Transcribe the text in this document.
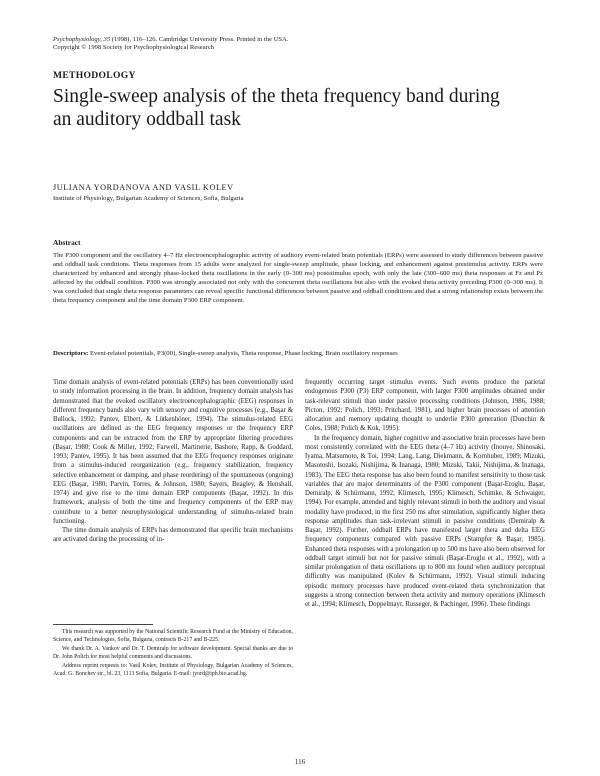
Psychophysiology, 35 (1998), 116–126. Cambridge University Press. Printed in the USA.
Copyright © 1998 Society for Psychophysiological Research
METHODOLOGY
Single-sweep analysis of the theta frequency band during an auditory oddball task
JULIANA YORDANOVA AND VASIL KOLEV
Institute of Physiology, Bulgarian Academy of Sciences, Sofia, Bulgaria
Abstract
The P300 component and the oscillatory 4–7 Hz electroencephalographic activity of auditory event-related brain potentials (ERPs) were assessed to study differences between passive and oddball task conditions. Theta responses from 15 adults were analyzed for single-sweep amplitude, phase locking, and enhancement against prestimulus activity. ERPs were characterized by enhanced and strongly phase-locked theta oscillations in the early (0–300 ms) poststimulus epoch, with only the late (300–600 ms) theta responses at Fz and Pz affected by the oddball condition. P300 was strongly associated not only with the concurrent theta oscillations but also with the evoked theta activity preceding P300 (0–300 ms). It was concluded that single theta response parameters can reveal specific functional differences between passive and oddball conditions and that a strong relationship exists between the theta frequency component and the time domain P300 ERP component.
Descriptors: Event-related potentials, P3(00), Single-sweep analysis, Theta response, Phase locking, Brain oscillatory responses

Time domain analysis of event-related potentials (ERPs) has been conventionally used to study information processing in the brain. In addition, frequency domain analysis has demonstrated that the evoked oscillatory electroencephalographic (EEG) responses in different frequency bands also vary with sensory and cognitive processes (e.g., Başar & Bullock, 1992; Pantev, Elbert, & Lütkenhöner, 1994). The stimulus-related EEG oscillations are defined as the EEG frequency responses or the frequency ERP components and can be extracted from the ERP by appropriate filtering procedures (Başar, 1980; Cook & Miller, 1992; Farwell, Martinerie, Bashore, Rapp, & Goddard, 1993; Pantev, 1995). It has been assumed that the EEG frequency responses originate from a stimulus-induced reorganization (e.g., frequency stabilization, frequency selective enhancement or damping, and phase reordering) of the spontaneous (ongoing) EEG (Başar, 1980; Parvin, Torres, & Johnson, 1980; Sayers, Beagley, & Henshall, 1974) and give rise to the time domain ERP components (Başar, 1992). In this framework, analysis of both the time and frequency components of the ERP may contribute to a better neurophysiological understanding of stimulus-related brain functioning.

The time domain analysis of ERPs has demonstrated that specific brain mechanisms are activated during the processing of in-

frequently occurring target stimulus events. Such events produce the parietal endogenous P300 (P3) ERP component, with larger P300 amplitudes obtained under task-relevant stimuli than under passive processing conditions (Johnson, 1986, 1988; Picton, 1992; Polich, 1993; Pritchard, 1981), and higher brain processes of attention allocation and memory updating thought to underlie P300 generation (Donchin & Coles, 1988; Polich & Kok, 1995).

In the frequency domain, higher cognitive and associative brain processes have been most consistently correlated with the EEG theta (4–7 Hz) activity (Inouye, Shinosaki, Iyama, Matsumoto, & Toi, 1994; Lang, Lang, Diekmann, & Kornhuber, 1989; Mizuki, Masotoshi, Isozaki, Nishijima, & Inanaga, 1980; Mizuki, Takii, Nishijima, & Inanaga, 1983). The EEG theta response has also been found to manifest sensitivity to those task variables that are major determinants of the P300 component (Başar-Eroglu, Başar, Demiralp, & Schürmann, 1992; Klimesch, 1995; Klimesch, Schimke, & Schwaiger, 1994). For example, attended and highly relevant stimuli in both the auditory and visual modality have produced, in the first 250 ms after stimulation, significantly higher theta response amplitudes than task-irrelevant stimuli in passive conditions (Demiralp & Başar, 1992). Further, oddball ERPs have manifested larger theta and delta EEG frequency components compared with passive ERPs (Stampfer & Başar, 1985). Enhanced theta responses with a prolongation up to 500 ms have also been observed for oddball target stimuli but not for passive stimuli (Başar-Eroglu et al., 1992), with a similar prolongation of theta oscillations up to 800 ms found when auditory perceptual difficulty was manipulated (Kolev & Schürmann, 1992). Visual stimuli inducing episodic memory processes have produced event-related theta synchronization that suggests a strong connection between theta activity and memory operations (Klimesch et al., 1994; Klimesch, Doppelmayr, Russeger, & Pachinger, 1996). These findings

This research was supported by the National Scientific Research Fund at the Ministry of Education, Science, and Technologies, Sofia, Bulgaria, contracts B-217 and B-225.

We thank Dr. A. Vankov and Dr. T. Demiralp for software development. Special thanks are due to Dr. John Polich for most helpful comments and discussions.

Address reprint requests to: Vasil Kolev, Institute of Physiology, Bulgarian Academy of Sciences, Acad. G. Bonchev str., bl. 23, 1113 Sofia, Bulgaria. E-mail: jyord@iph.bio.acad.bg.

116
